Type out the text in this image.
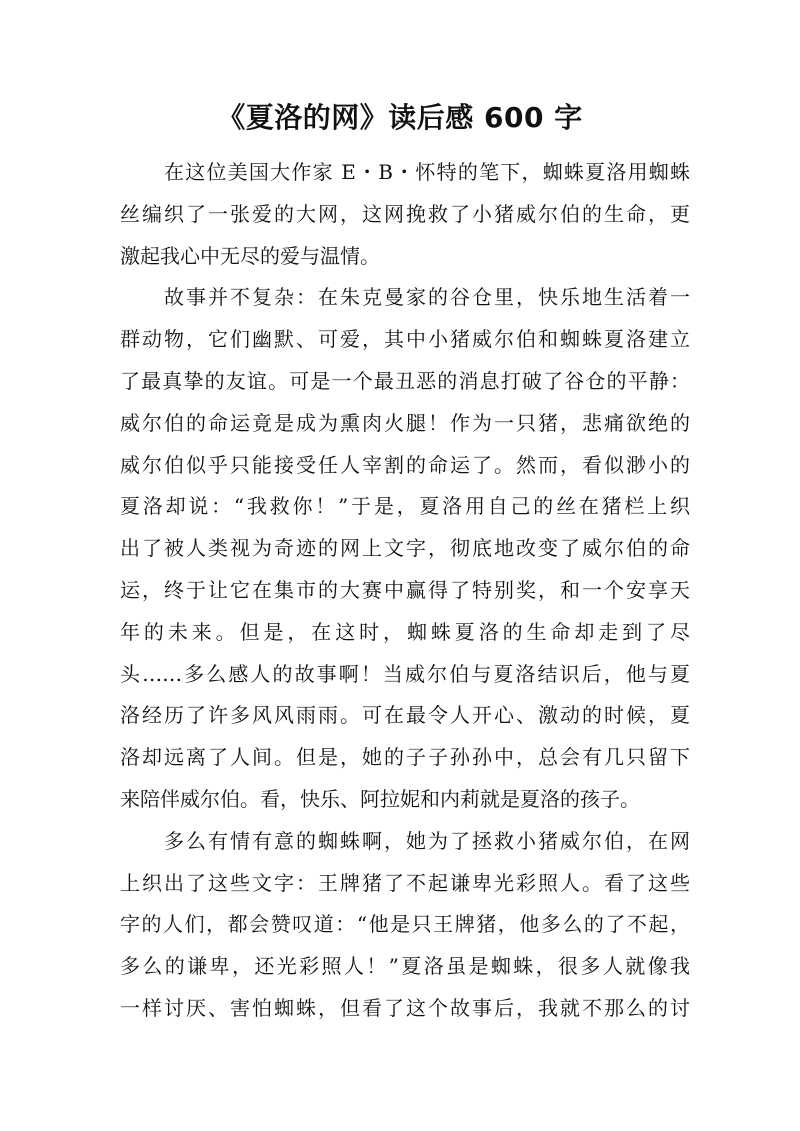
《夏洛的网》读后感 600 字
在这位美国大作家 E・B・怀特的笔下，蜘蛛夏洛用蜘蛛
丝编织了一张爱的大网，这网挽救了小猪威尔伯的生命，更
激起我心中无尽的爱与温情。
故事并不复杂：在朱克曼家的谷仓里，快乐地生活着一
群动物，它们幽默、可爱，其中小猪威尔伯和蜘蛛夏洛建立
了最真挚的友谊。可是一个最丑恶的消息打破了谷仓的平静：
威尔伯的命运竟是成为熏肉火腿！作为一只猪，悲痛欲绝的
威尔伯似乎只能接受任人宰割的命运了。然而，看似渺小的
夏洛却说：“我救你！”于是，夏洛用自己的丝在猪栏上织
出了被人类视为奇迹的网上文字，彻底地改变了威尔伯的命
运，终于让它在集市的大赛中赢得了特别奖，和一个安享天
年的未来。但是，在这时，蜘蛛夏洛的生命却走到了尽
头……多么感人的故事啊！当威尔伯与夏洛结识后，他与夏
洛经历了许多风风雨雨。可在最令人开心、激动的时候，夏
洛却远离了人间。但是，她的子子孙孙中，总会有几只留下
来陪伴威尔伯。看，快乐、阿拉妮和内莉就是夏洛的孩子。
多么有情有意的蜘蛛啊，她为了拯救小猪威尔伯，在网
上织出了这些文字：王牌猪了不起谦卑光彩照人。看了这些
字的人们，都会赞叹道：“他是只王牌猪，他多么的了不起，
多么的谦卑，还光彩照人！”夏洛虽是蜘蛛，很多人就像我
一样讨厌、害怕蜘蛛，但看了这个故事后，我就不那么的讨
